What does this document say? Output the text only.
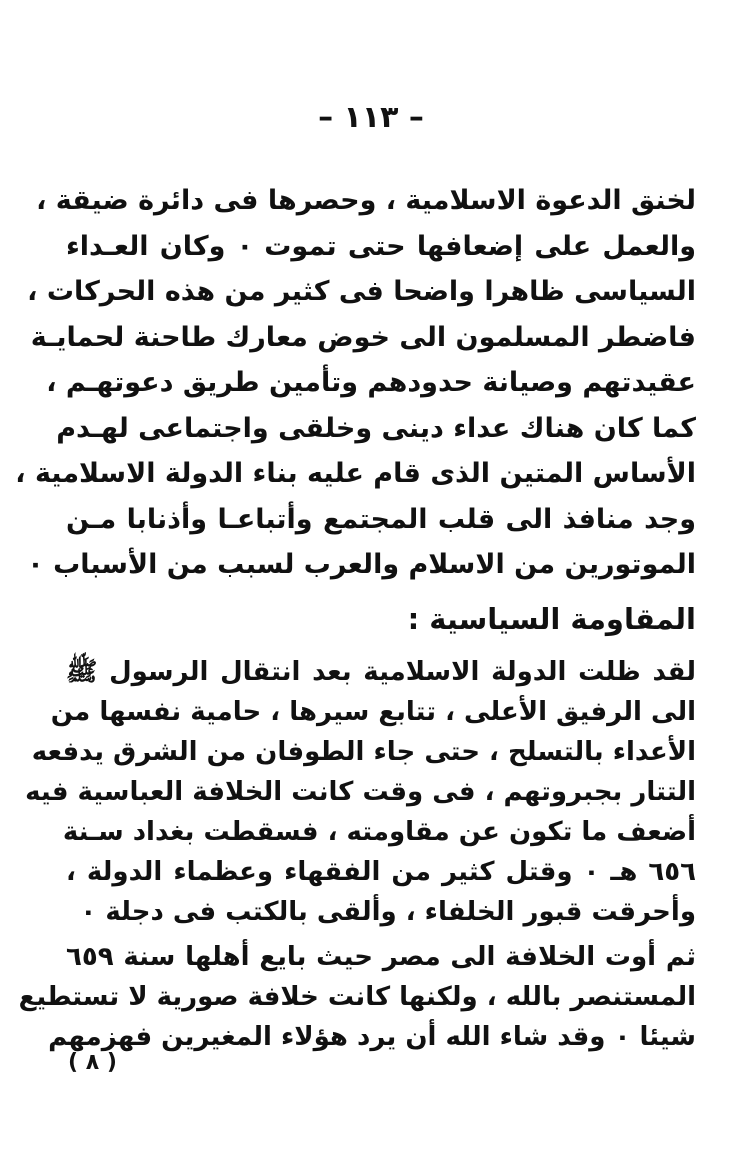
– ١١٣ –
لخنق الدعوة الاسلامية ، وحصرها فى دائرة ضيقة ،
والعمل على إضعافها حتى تموت ٠ وكان العـداء
السياسى ظاهرا واضحا فى كثير من هذه الحركات ،
فاضطر المسلمون الى خوض معارك طاحنة لحمايـة
عقيدتهم وصيانة حدودهم وتأمين طريق دعوتهـم ،
كما كان هناك عداء دينى وخلقى واجتماعى لهـدم
الأساس المتين الذى قام عليه بناء الدولة الاسلامية ،
وجد منافذ الى قلب المجتمع وأتباعـا وأذنابا مـن
الموتورين من الاسلام والعرب لسبب من الأسباب ٠
المقاومة السياسية :
لقد ظلت الدولة الاسلامية بعد انتقال الرسول ﷺ
الى الرفيق الأعلى ، تتابع سيرها ، حامية نفسها من
الأعداء بالتسلح ، حتى جاء الطوفان من الشرق يدفعه
التتار بجبروتهم ، فى وقت كانت الخلافة العباسية فيه
أضعف ما تكون عن مقاومته ، فسقطت بغداد سـنة
٦٥٦ هـ ٠ وقتل كثير من الفقهاء وعظماء الدولة ،
وأحرقت قبور الخلفاء ، وألقى بالكتب فى دجلة ٠
ثم أوت الخلافة الى مصر حيث بايع أهلها سنة ٦٥٩
المستنصر بالله ، ولكنها كانت خلافة صورية لا تستطيع
شيئا ٠ وقد شاء الله أن يرد هؤلاء المغيرين فهزمهم
( ٨ )
